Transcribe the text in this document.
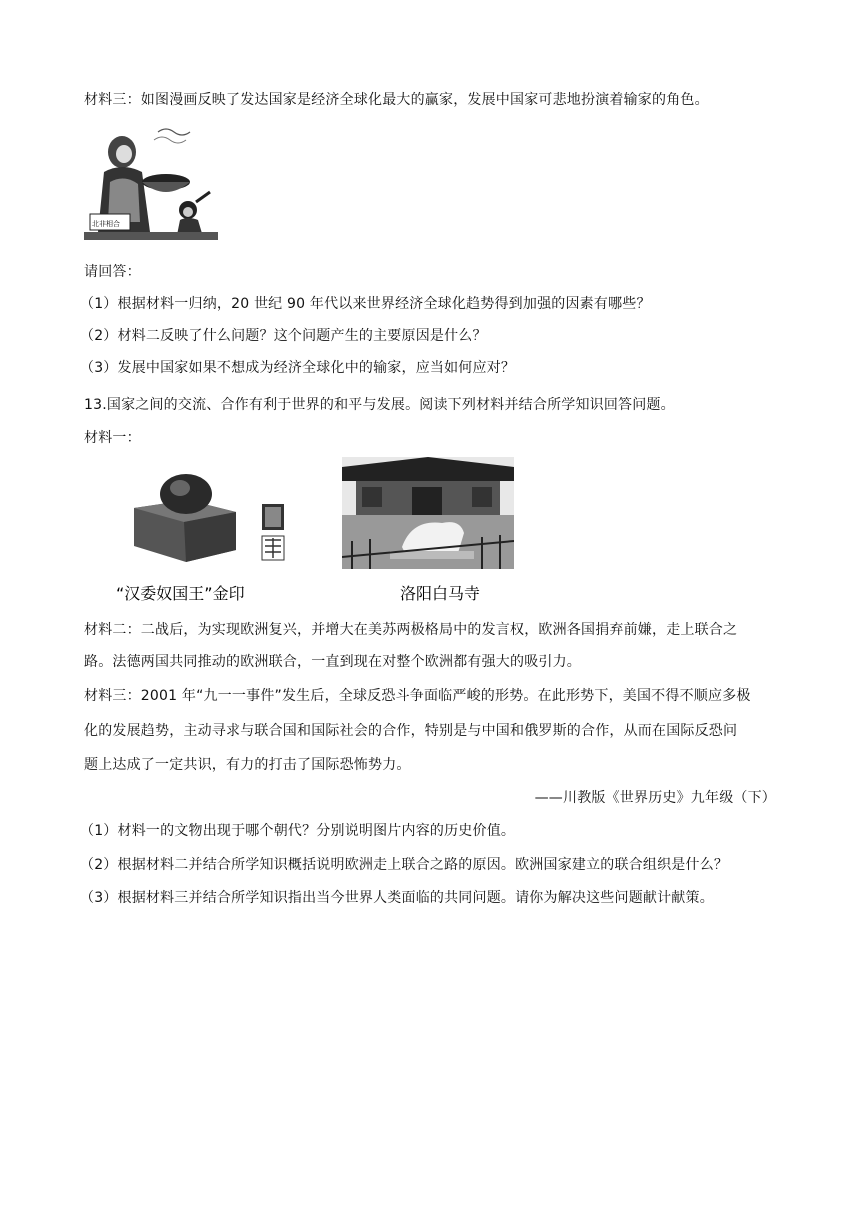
材料三：如图漫画反映了发达国家是经济全球化最大的赢家，发展中国家可悲地扮演着输家的角色。
北非相合
请回答：
（1）根据材料一归纳，20 世纪 90 年代以来世界经济全球化趋势得到加强的因素有哪些？
（2）材料二反映了什么问题？这个问题产生的主要原因是什么？
（3）发展中国家如果不想成为经济全球化中的输家，应当如何应对？
13.国家之间的交流、合作有利于世界的和平与发展。阅读下列材料并结合所学知识回答问题。
材料一：
“汉委奴国王”金印	洛阳白马寺
材料二：二战后，为实现欧洲复兴，并增大在美苏两极格局中的发言权，欧洲各国捐弃前嫌，走上联合之
路。法德两国共同推动的欧洲联合，一直到现在对整个欧洲都有强大的吸引力。
材料三：2001 年“九一一事件”发生后，全球反恐斗争面临严峻的形势。在此形势下，美国不得不顺应多极
化的发展趋势，主动寻求与联合国和国际社会的合作，特别是与中国和俄罗斯的合作，从而在国际反恐问
题上达成了一定共识，有力的打击了国际恐怖势力。
——川教版《世界历史》九年级（下）
（1）材料一的文物出现于哪个朝代？分别说明图片内容的历史价值。
（2）根据材料二并结合所学知识概括说明欧洲走上联合之路的原因。欧洲国家建立的联合组织是什么？
（3）根据材料三并结合所学知识指出当今世界人类面临的共同问题。请你为解决这些问题献计献策。
